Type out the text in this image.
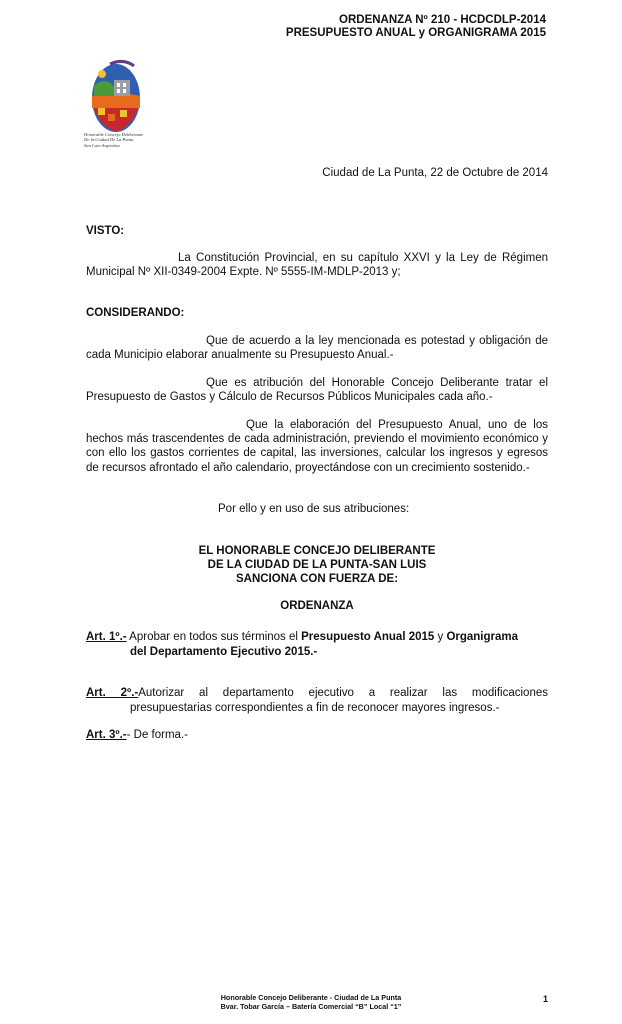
ORDENANZA Nº 210 - HCDCDLP-2014
PRESUPUESTO ANUAL y ORGANIGRAMA 2015
Honorable Concejo Deliberante
De la Ciudad De La Punta
San Luis-Argentina
Ciudad de La Punta, 22 de Octubre de 2014
VISTO:
La Constitución Provincial, en su capítulo XXVI y la Ley de Régimen Municipal Nº XII-0349-2004 Expte. Nº 5555-IM-MDLP-2013 y;
CONSIDERANDO:
Que de acuerdo a la ley mencionada es potestad y obligación de cada Municipio elaborar anualmente su Presupuesto Anual.-
Que es atribución del Honorable Concejo Deliberante tratar el Presupuesto de Gastos y Cálculo de Recursos Públicos Municipales cada año.-
Que la elaboración del Presupuesto Anual, uno de los hechos más trascendentes de cada administración, previendo el movimiento económico y con ello los gastos corrientes de capital, las inversiones, calcular los ingresos y egresos de recursos afrontado el año calendario, proyectándose con un crecimiento sostenido.-
Por ello y en uso de sus atribuciones:
EL HONORABLE CONCEJO DELIBERANTE
DE LA CIUDAD DE LA PUNTA-SAN LUIS
SANCIONA CON FUERZA DE:
ORDENANZA
Art. 1º.- Aprobar en todos sus términos el Presupuesto Anual 2015 y Organigrama
del Departamento Ejecutivo 2015.-
Art. 2º.-Autorizar al departamento ejecutivo a realizar las modificaciones
presupuestarias correspondientes a fin de reconocer mayores ingresos.-
Art. 3º.-- De forma.-
Honorable Concejo Deliberante - Ciudad de La Punta
Bvar. Tobar García – Batería Comercial “B” Local “1”
1
